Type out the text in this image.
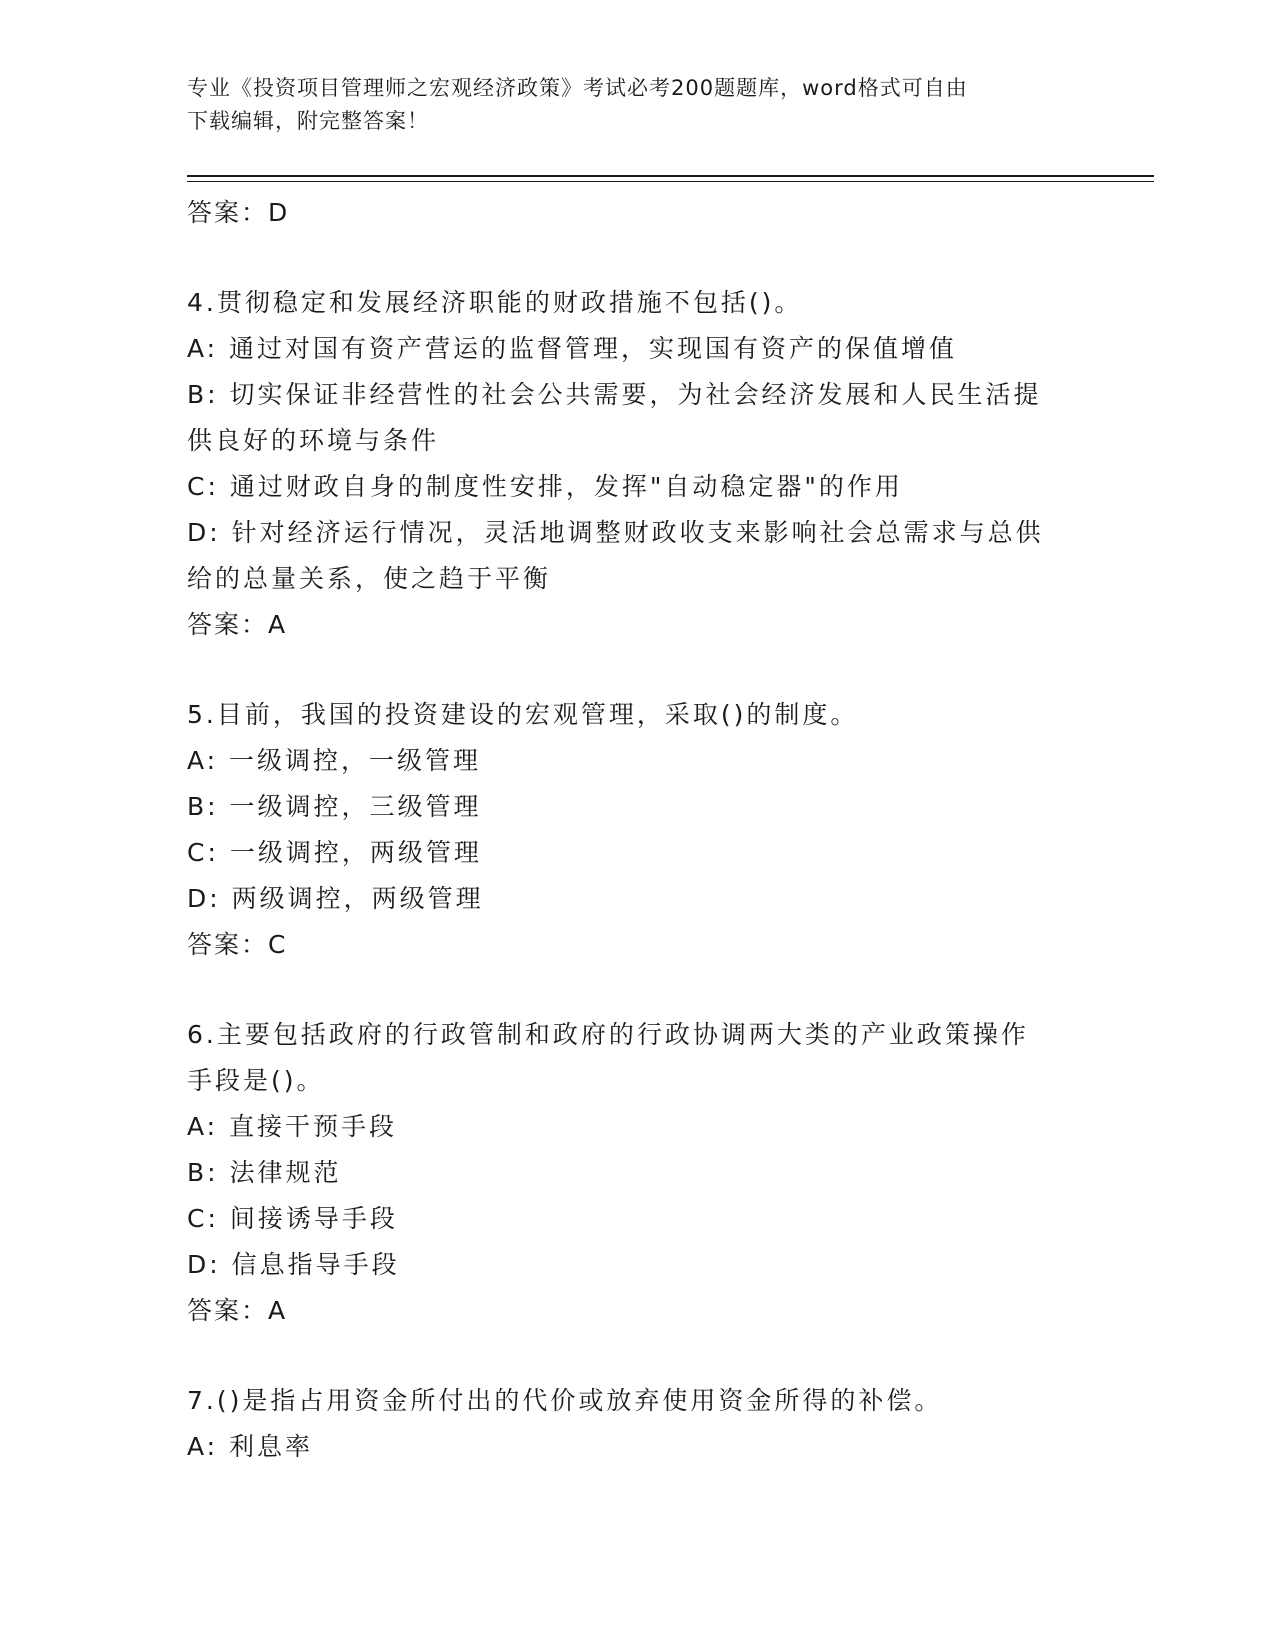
专业《投资项目管理师之宏观经济政策》考试必考200题题库，word格式可自由
下载编辑，附完整答案！
答案：D
4.贯彻稳定和发展经济职能的财政措施不包括()。
A: 通过对国有资产营运的监督管理，实现国有资产的保值增值
B: 切实保证非经营性的社会公共需要，为社会经济发展和人民生活提
供良好的环境与条件
C: 通过财政自身的制度性安排，发挥"自动稳定器"的作用
D: 针对经济运行情况，灵活地调整财政收支来影响社会总需求与总供
给的总量关系，使之趋于平衡
答案：A
5.目前，我国的投资建设的宏观管理，采取()的制度。
A: 一级调控，一级管理
B: 一级调控，三级管理
C: 一级调控，两级管理
D: 两级调控，两级管理
答案：C
6.主要包括政府的行政管制和政府的行政协调两大类的产业政策操作
手段是()。
A: 直接干预手段
B: 法律规范
C: 间接诱导手段
D: 信息指导手段
答案：A
7.()是指占用资金所付出的代价或放弃使用资金所得的补偿。
A: 利息率
